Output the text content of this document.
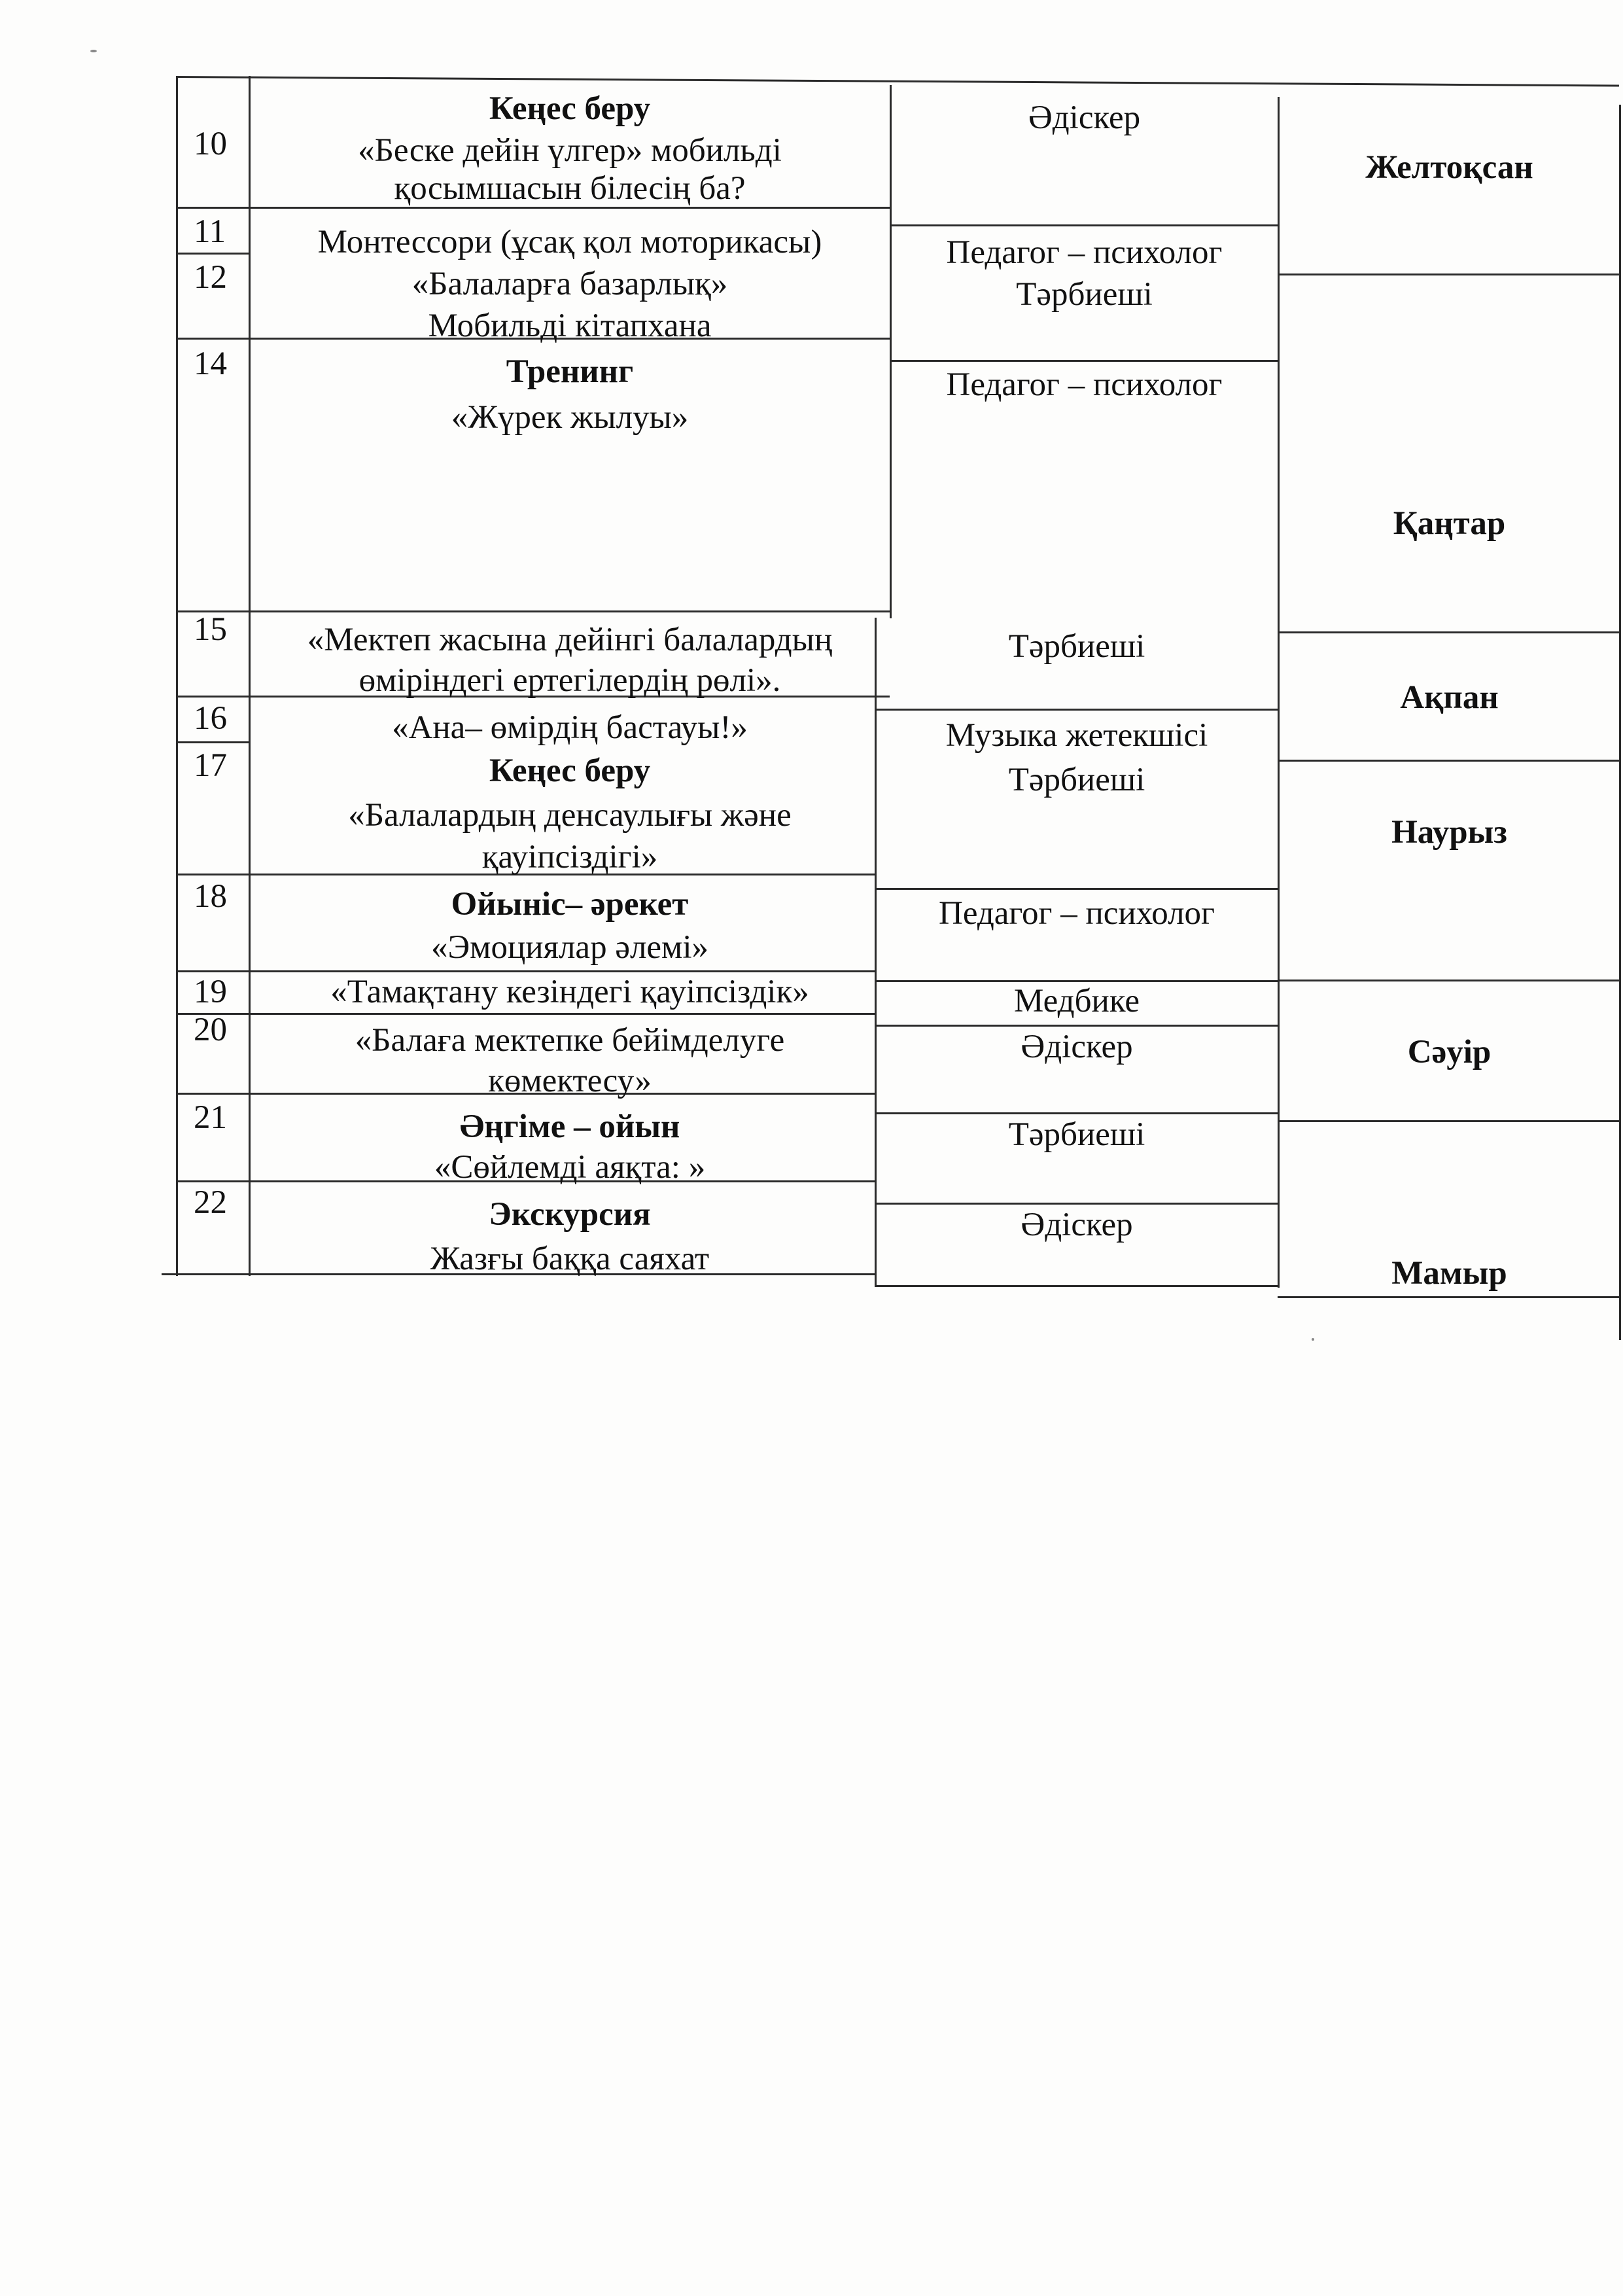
10
11
12
14
15
16
17
18
19
20
21
22
Кеңес беру
«Беске дейін үлгер» мобильді
қосымшасын білесің ба?
Монтессори (ұсақ қол моторикасы)
«Балаларға базарлық»
Мобильді кітапхана
Тренинг
«Жүрек жылуы»
«Мектеп жасына дейінгі балалардың
өміріндегі ертегілердің рөлі».
«Ана– өмірдің бастауы!»
Кеңес беру
«Балалардың денсаулығы және
қауіпсіздігі»
Ойыніс– әрекет
«Эмоциялар әлемі»
«Тамақтану кезіндегі қауіпсіздік»
«Балаға мектепке бейімделуге
көмектесу»
Әңгіме – ойын
«Сөйлемді аяқта: »
Экскурсия
Жазғы баққа саяхат
Әдіскер
Педагог – психолог
Тәрбиеші
Педагог – психолог
Тәрбиеші
Музыка жетекшісі
Тәрбиеші
Педагог – психолог
Медбике
Әдіскер
Тәрбиеші
Әдіскер
Желтоқсан
Қаңтар
Ақпан
Наурыз
Сәуір
Мамыр
